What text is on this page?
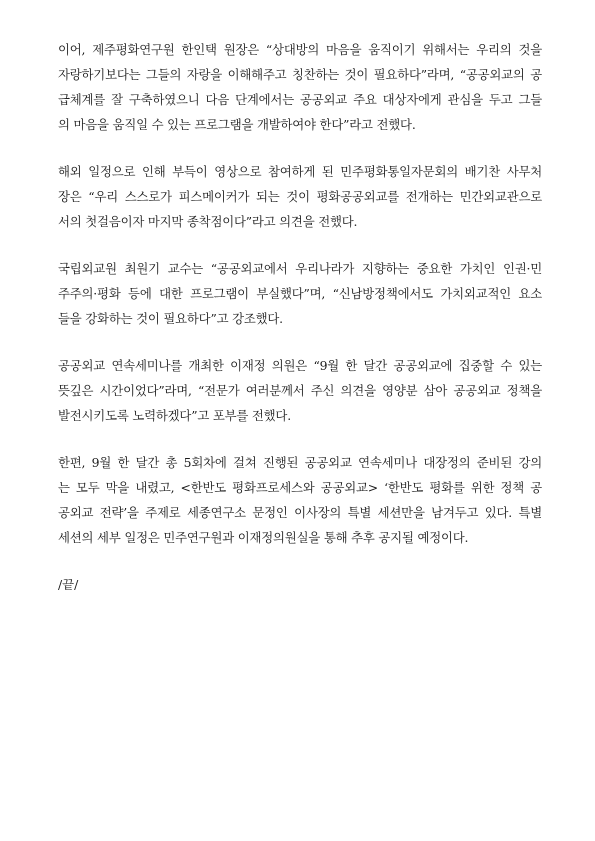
이어, 제주평화연구원 한인택 원장은 “상대방의 마음을 움직이기 위해서는 우리의 것을
자랑하기보다는 그들의 자랑을 이해해주고 칭찬하는 것이 필요하다”라며, “공공외교의 공
급체계를 잘 구축하였으니 다음 단계에서는 공공외교 주요 대상자에게 관심을 두고 그들
의 마음을 움직일 수 있는 프로그램을 개발하여야 한다”라고 전했다.

해외 일정으로 인해 부득이 영상으로 참여하게 된 민주평화통일자문회의 배기찬 사무처
장은 “우리 스스로가 피스메이커가 되는 것이 평화공공외교를 전개하는 민간외교관으로
서의 첫걸음이자 마지막 종착점이다”라고 의견을 전했다.

국립외교원 최원기 교수는 “공공외교에서 우리나라가 지향하는 중요한 가치인 인권·민
주주의·평화 등에 대한 프로그램이 부실했다”며, “신남방정책에서도 가치외교적인 요소
들을 강화하는 것이 필요하다”고 강조했다.

공공외교 연속세미나를 개최한 이재정 의원은 “9월 한 달간 공공외교에 집중할 수 있는
뜻깊은 시간이었다”라며, “전문가 여러분께서 주신 의견을 영양분 삼아 공공외교 정책을
발전시키도록 노력하겠다”고 포부를 전했다.

한편, 9월 한 달간 총 5회차에 걸쳐 진행된 공공외교 연속세미나 대장정의 준비된 강의
는 모두 막을 내렸고, <한반도 평화프로세스와 공공외교> ‘한반도 평화를 위한 정책 공
공외교 전략’을 주제로 세종연구소 문정인 이사장의 특별 세션만을 남겨두고 있다. 특별
세션의 세부 일정은 민주연구원과 이재정의원실을 통해 추후 공지될 예정이다.

/끝/
